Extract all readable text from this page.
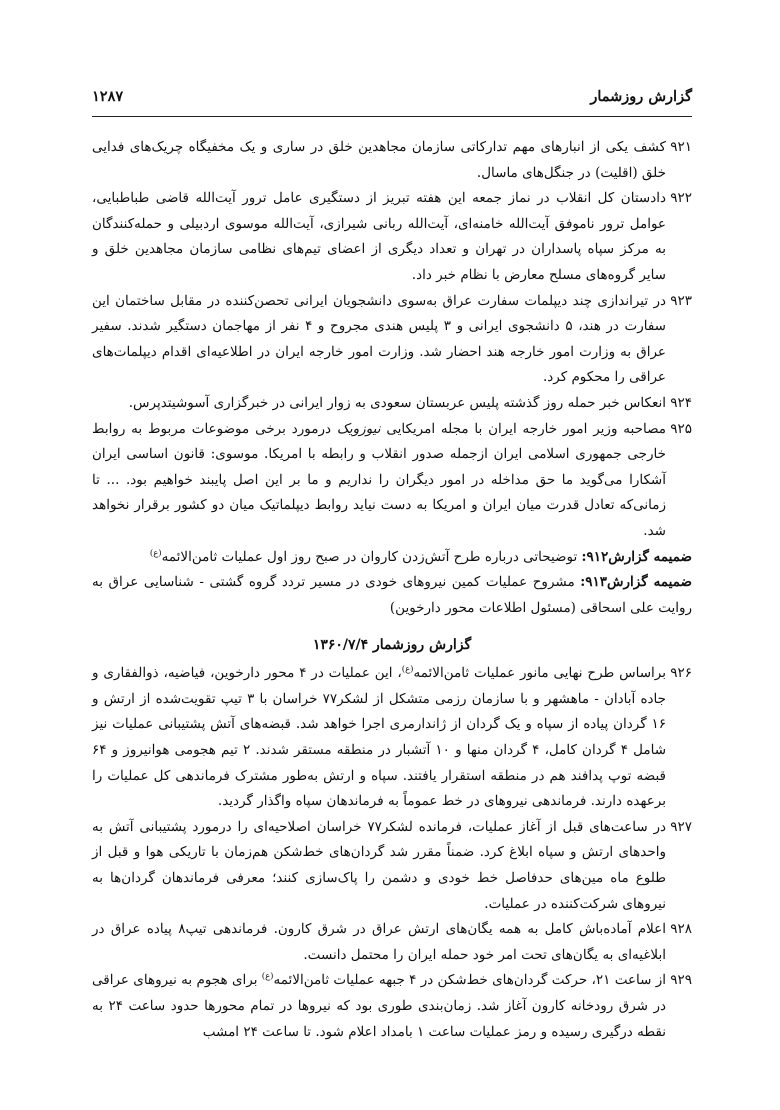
گزارش روزشمار
۱۲۸۷
۹۲۱
کشف یکی از انبارهای مهم تدارکاتی سازمان مجاهدین خلق در ساری و یک مخفیگاه چریک‌های فدایی خلق (اقلیت) در جنگل‌های ماسال.
۹۲۲
دادستان کل انقلاب در نماز جمعه این هفته تبریز از دستگیری عامل ترور آیت‌الله قاضی طباطبایی، عوامل ترور ناموفق آیت‌الله خامنه‌ای، آیت‌الله ربانی شیرازی، آیت‌الله موسوی اردبیلی و حمله‌کنندگان به مرکز سپاه پاسداران در تهران و تعداد دیگری از اعضای تیم‌های نظامی سازمان مجاهدین خلق و سایر گروه‌های مسلح معارض با نظام خبر داد.
۹۲۳
در تیراندازی چند دیپلمات سفارت عراق به‌سوی دانشجویان ایرانی تحصن‌کننده در مقابل ساختمان این سفارت در هند، ۵ دانشجوی ایرانی و ۳ پلیس هندی مجروح و ۴ نفر از مهاجمان دستگیر شدند. سفیر عراق به وزارت امور خارجه هند احضار شد. وزارت امور خارجه ایران در اطلاعیه‌ای اقدام دیپلمات‌های عراقی را محکوم کرد.
۹۲۴
انعکاس خبر حمله روز گذشته پلیس عربستان سعودی به زوار ایرانی در خبرگزاری آسوشیتدپرس.
۹۲۵
مصاحبه وزیر امور خارجه ایران با مجله امریکایی نیوزویک درمورد برخی موضوعات مربوط به روابط خارجی جمهوری اسلامی ایران ازجمله صدور انقلاب و رابطه با امریکا. موسوی: قانون اساسی ایران آشکارا می‌گوید ما حق مداخله در امور دیگران را نداریم و ما بر این اصل پایبند خواهیم بود. ... تا زمانی‌که تعادل قدرت میان ایران و امریکا به دست نیاید روابط دیپلماتیک میان دو کشور برقرار نخواهد شد.

ضمیمه گزارش۹۱۲: توضیحاتی درباره طرح آتش‌زدن کاروان در صبح روز اول عملیات ثامن‌الائمه$^{(ع)}$

ضمیمه گزارش۹۱۳: مشروح عملیات کمین نیروهای خودی در مسیر تردد گروه گشتی - شناسایی عراق به روایت علی اسحاقی (مسئول اطلاعات محور دارخوین)

گزارش روزشمار ۱۳۶۰/۷/۴
۹۲۶
براساس طرح نهایی مانور عملیات ثامن‌الائمه$^{(ع)}$، این عملیات در ۴ محور دارخوین، فیاضیه، ذوالفقاری و جاده آبادان - ماهشهر و با سازمان رزمی متشکل از لشکر۷۷ خراسان با ۳ تیپ تقویت‌شده از ارتش و ۱۶ گردان پیاده از سپاه و یک گردان از ژاندارمری اجرا خواهد شد. قبضه‌های آتش پشتیبانی عملیات نیز شامل ۴ گردان کامل، ۴ گردان منها و ۱۰ آتشبار در منطقه مستقر شدند. ۲ تیم هجومی هوانیروز و ۶۴ قبضه توپ پدافند هم در منطقه استقرار یافتند. سپاه و ارتش به‌طور مشترک فرماندهی کل عملیات را برعهده دارند. فرماندهی نیروهای در خط عموماً به فرماندهان سپاه واگذار گردید.
۹۲۷
در ساعت‌های قبل از آغاز عملیات، فرمانده لشکر۷۷ خراسان اصلاحیه‌ای را درمورد پشتیبانی آتش به واحدهای ارتش و سپاه ابلاغ کرد. ضمناً مقرر شد گردان‌های خط‌شکن هم‌زمان با تاریکی هوا و قبل از طلوع ماه مین‌های حدفاصل خط خودی و دشمن را پاک‌سازی کنند؛ معرفی فرماندهان گردان‌ها به نیروهای شرکت‌کننده در عملیات.
۹۲۸
اعلام آماده‌باش کامل به همه یگان‌های ارتش عراق در شرق کارون. فرماندهی تیپ۸ پیاده عراق در ابلاغیه‌ای به یگان‌های تحت امر خود حمله ایران را محتمل دانست.
۹۲۹
از ساعت ۲۱، حرکت گردان‌های خط‌شکن در ۴ جبهه عملیات ثامن‌الائمه$^{(ع)}$ برای هجوم به نیروهای عراقی در شرق رودخانه کارون آغاز شد. زمان‌بندی طوری بود که نیروها در تمام محورها حدود ساعت ۲۴ به نقطه درگیری رسیده و رمز عملیات ساعت ۱ بامداد اعلام شود. تا ساعت ۲۴ امشب
